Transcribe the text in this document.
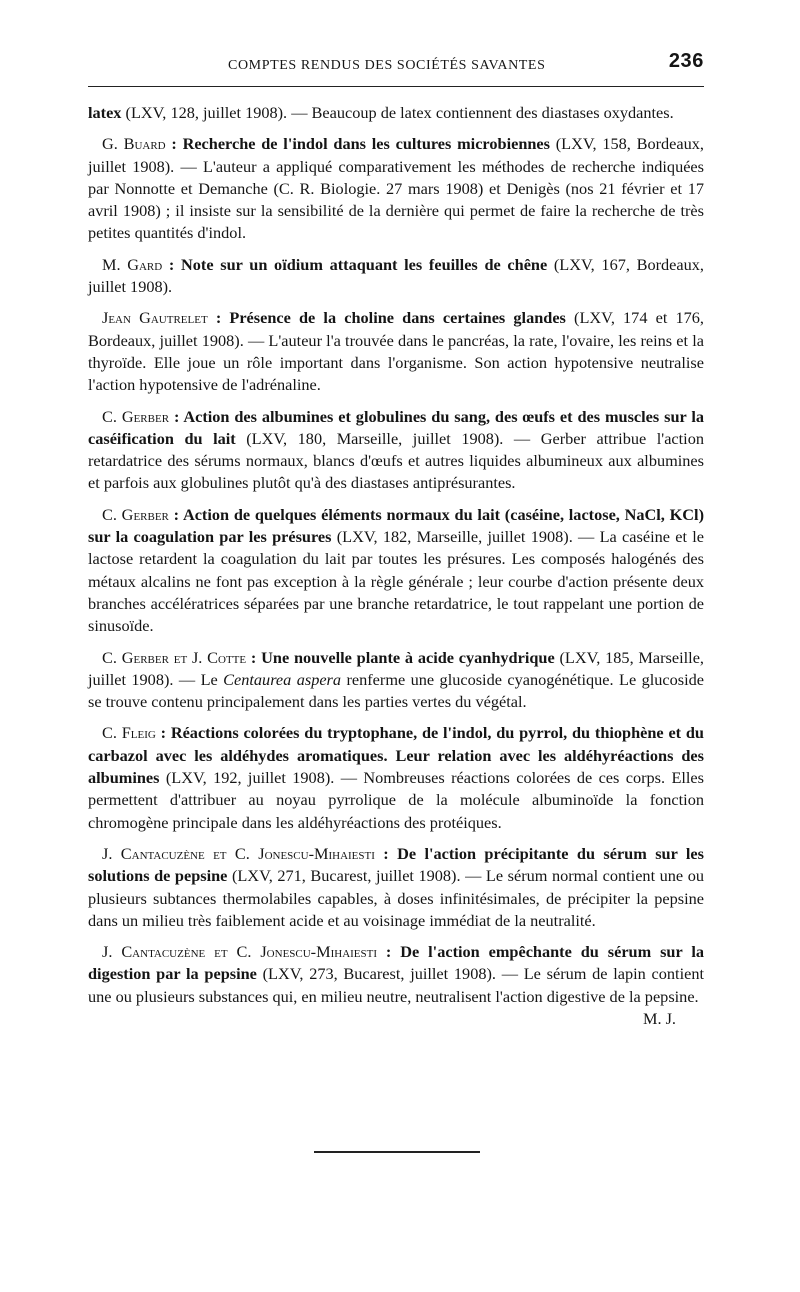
COMPTES RENDUS DES SOCIÉTÉS SAVANTES	236

latex (LXV, 128, juillet 1908). — Beaucoup de latex contiennent des diastases oxydantes.

G. Buard : Recherche de l'indol dans les cultures microbiennes (LXV, 158, Bordeaux, juillet 1908). — L'auteur a appliqué comparativement les méthodes de recherche indiquées par Nonnotte et Demanche (C. R. Biologie. 27 mars 1908) et Denigès (nos 21 février et 17 avril 1908) ; il insiste sur la sensibilité de la dernière qui permet de faire la recherche de très petites quantités d'indol.

M. Gard : Note sur un oïdium attaquant les feuilles de chêne (LXV, 167, Bordeaux, juillet 1908).

Jean Gautrelet : Présence de la choline dans certaines glandes (LXV, 174 et 176, Bordeaux, juillet 1908). — L'auteur l'a trouvée dans le pancréas, la rate, l'ovaire, les reins et la thyroïde. Elle joue un rôle important dans l'organisme. Son action hypotensive neutralise l'action hypotensive de l'adrénaline.

C. Gerber : Action des albumines et globulines du sang, des œufs et des muscles sur la caséification du lait (LXV, 180, Marseille, juillet 1908). — Gerber attribue l'action retardatrice des sérums normaux, blancs d'œufs et autres liquides albumineux aux albumines et parfois aux globulines plutôt qu'à des diastases antiprésurantes.

C. Gerber : Action de quelques éléments normaux du lait (caséine, lactose, NaCl, KCl) sur la coagulation par les présures (LXV, 182, Marseille, juillet 1908). — La caséine et le lactose retardent la coagulation du lait par toutes les présures. Les composés halogénés des métaux alcalins ne font pas exception à la règle générale ; leur courbe d'action présente deux branches accélératrices séparées par une branche retardatrice, le tout rappelant une portion de sinusoïde.

C. Gerber et J. Cotte : Une nouvelle plante à acide cyanhydrique (LXV, 185, Marseille, juillet 1908). — Le Centaurea aspera renferme une glucoside cyanogénétique. Le glucoside se trouve contenu principalement dans les parties vertes du végétal.

C. Fleig : Réactions colorées du tryptophane, de l'indol, du pyrrol, du thiophène et du carbazol avec les aldéhydes aromatiques. Leur relation avec les aldéhyréactions des albumines (LXV, 192, juillet 1908). — Nombreuses réactions colorées de ces corps. Elles permettent d'attribuer au noyau pyrrolique de la molécule albuminoïde la fonction chromogène principale dans les aldéhyréactions des protéiques.

J. Cantacuzène et C. Jonescu-Mihaiesti : De l'action précipitante du sérum sur les solutions de pepsine (LXV, 271, Bucarest, juillet 1908). — Le sérum normal contient une ou plusieurs subtances thermolabiles capables, à doses infinitésimales, de précipiter la pepsine dans un milieu très faiblement acide et au voisinage immédiat de la neutralité.

J. Cantacuzène et C. Jonescu-Mihaiesti : De l'action empêchante du sérum sur la digestion par la pepsine (LXV, 273, Bucarest, juillet 1908). — Le sérum de lapin contient une ou plusieurs substances qui, en milieu neutre, neutralisent l'action digestive de la pepsine.
M. J.
